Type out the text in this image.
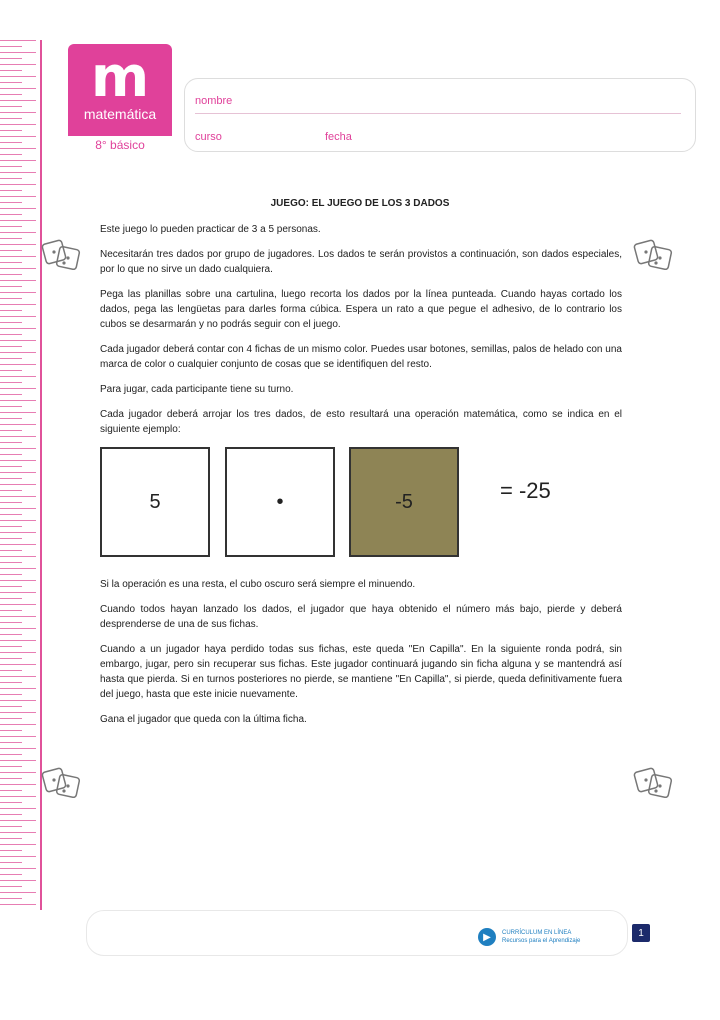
m
matemática
8° básico
nombre
curso	fecha
JUEGO: EL JUEGO DE LOS 3 DADOS

Este juego lo pueden practicar de 3 a 5 personas.

Necesitarán tres dados por grupo de jugadores. Los dados te serán provistos a continuación, son dados especiales, por lo que no sirve un dado cualquiera.

Pega las planillas sobre una cartulina, luego recorta los dados por la línea punteada. Cuando hayas cortado los dados, pega las lengüetas para darles forma cúbica. Espera un rato a que pegue el adhesivo, de lo contrario los cubos se desarmarán y no podrás seguir con el juego.

Cada jugador deberá contar con 4 fichas de un mismo color. Puedes usar botones, semillas, palos de helado con una marca de color o cualquier conjunto de cosas que se identifiquen del resto.

Para jugar, cada participante tiene su turno.

Cada jugador deberá arrojar los tres dados, de esto resultará una operación matemática, como se indica en el siguiente ejemplo:

5	•	-5	= -25

Si la operación es una resta, el cubo oscuro será siempre el minuendo.

Cuando todos hayan lanzado los dados, el jugador que haya obtenido el número más bajo, pierde y deberá desprenderse de una de sus fichas.

Cuando a un jugador haya perdido todas sus fichas, este queda "En Capilla". En la siguiente ronda podrá, sin embargo, jugar, pero sin recuperar sus fichas. Este jugador continuará jugando sin ficha alguna y se mantendrá así hasta que pierda. Si en turnos posteriores no pierde, se mantiene "En Capilla", si pierde, queda definitivamente fuera del juego, hasta que este inicie nuevamente.

Gana el jugador que queda con la última ficha.

▶	CURRÍCULUM EN LÍNEA
Recursos para el Aprendizaje
1
